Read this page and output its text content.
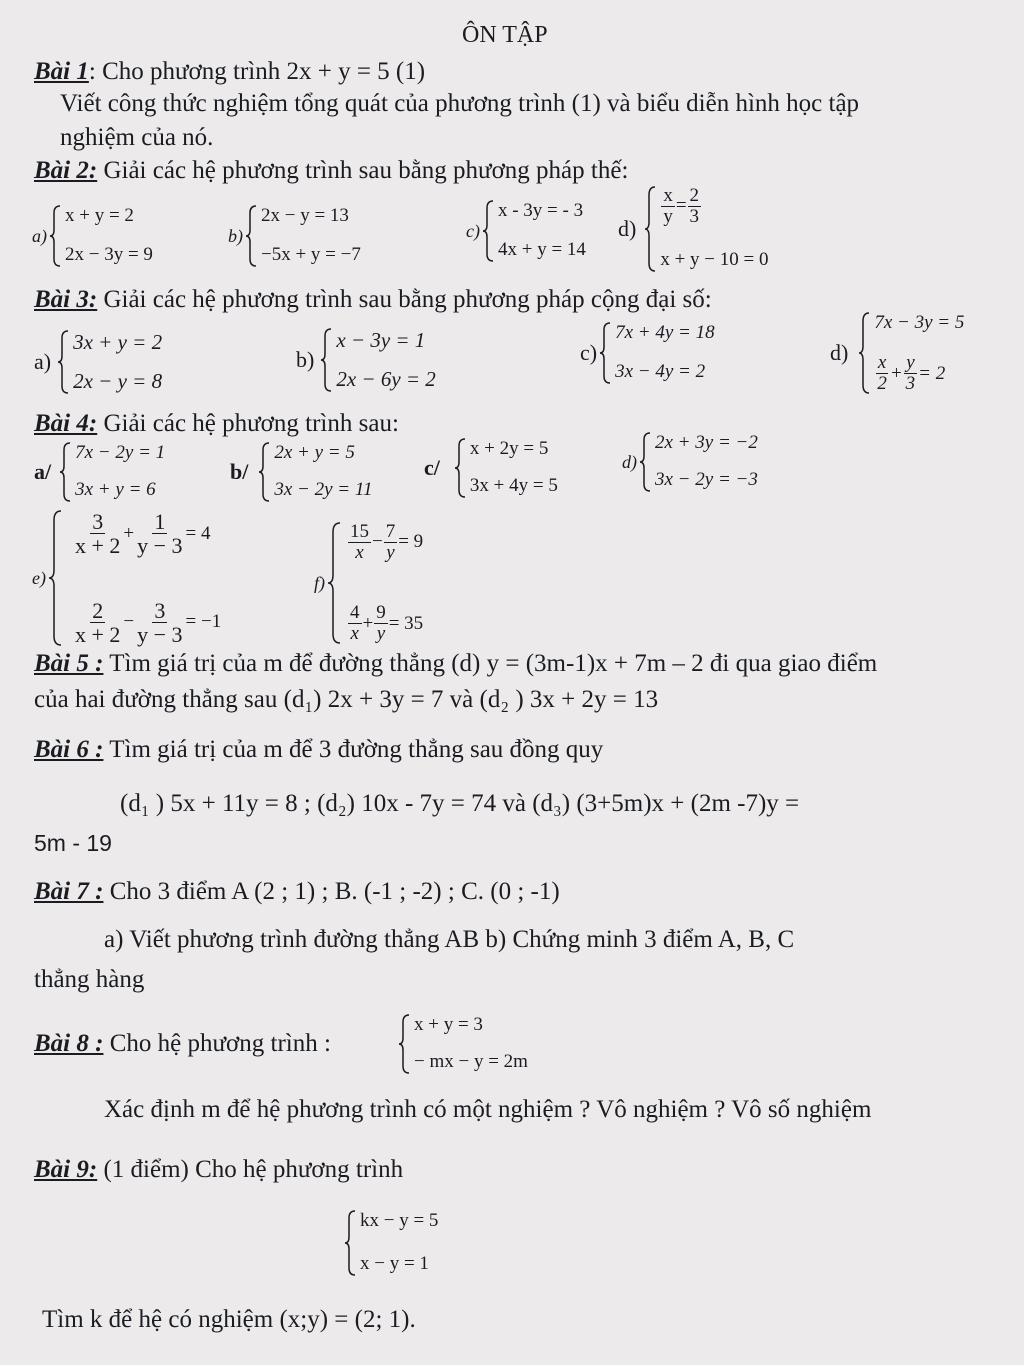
ÔN TẬP
Bài 1: Cho phương trình 2x + y = 5 (1)
Viết công thức nghiệm tổng quát của phương trình (1) và biểu diễn hình học tập
nghiệm của nó.
Bài 2: Giải các hệ phương trình sau bằng phương pháp thế:
a)
x + y = 2
2x − 3y = 9
b)
2x − y = 13
−5x + y = −7
c)
x - 3y = - 3
4x + y = 14
d)
$\frac{x}{y} = \frac{2}{3}$
x + y − 10 = 0
Bài 3: Giải các hệ phương trình sau bằng phương pháp cộng đại số:
a)
3x + y = 2
2x − y = 8
b)
x − 3y = 1
2x − 6y = 2
c)
7x + 4y = 18
3x − 4y = 2
d)
7x − 3y = 5
$\frac{x}{2} + \frac{y}{3} = 2$
Bài 4: Giải các hệ phương trình sau:
a/
7x − 2y = 1
3x + y = 6
b/
2x + y = 5
3x − 2y = 11
c/
x + 2y = 5
3x + 4y = 5
d)
2x + 3y = −2
3x − 2y = −3
e)
$\frac{3}{x + 2} + \frac{1}{y - 3} = 4$
$\frac{2}{x + 2} - \frac{3}{y - 3} = -1$
f)
$\frac{15}{x} - \frac{7}{y} = 9$
$\frac{4}{x} + \frac{9}{y} = 35$
Bài 5 : Tìm giá trị của m để đường thẳng (d) y = (3m-1)x + 7m – 2 đi qua giao điểm
của hai đường thẳng sau (d₁) 2x + 3y = 7 và (d₂ ) 3x + 2y = 13
Bài 6 : Tìm giá trị của m để 3 đường thẳng sau đồng quy
(d₁ ) 5x + 11y = 8 ; (d₂) 10x - 7y = 74 và (d₃) (3+5m)x + (2m -7)y =
5m - 19
Bài 7 : Cho 3 điểm A (2 ; 1) ; B. (-1 ; -2) ; C. (0 ; -1)
a) Viết phương trình đường thẳng AB b) Chứng minh 3 điểm A, B, C
thẳng hàng
Bài 8 : Cho hệ phương trình :
x + y = 3
− mx − y = 2m
Xác định m để hệ phương trình có một nghiệm ? Vô nghiệm ? Vô số nghiệm
Bài 9: (1 điểm) Cho hệ phương trình
kx − y = 5
x − y = 1
Tìm k để hệ có nghiệm (x;y) = (2; 1).
